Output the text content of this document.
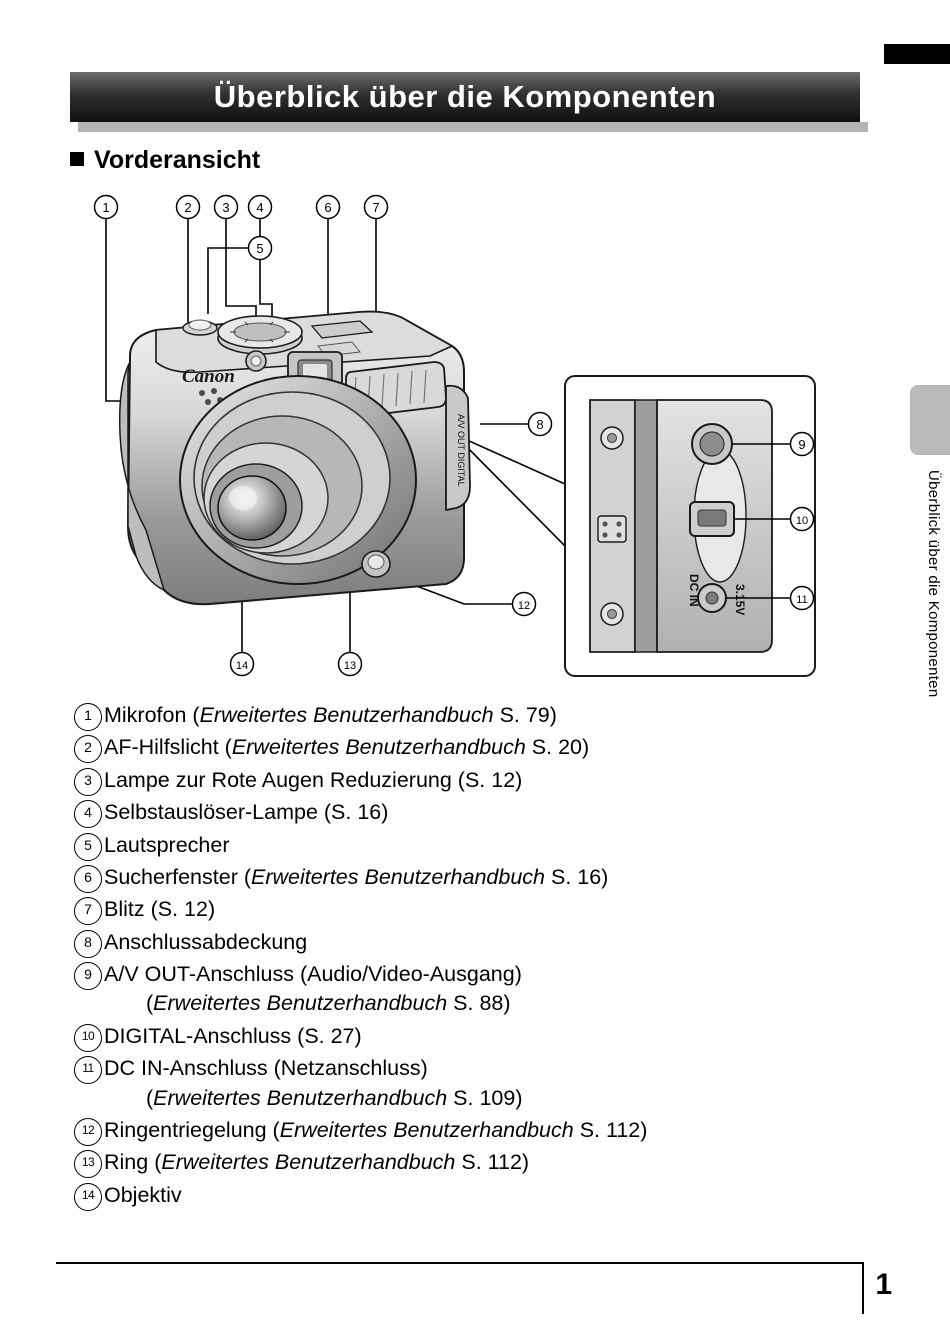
Überblick über die Komponenten
Überblick über die Komponenten
Vorderansicht
1	2 3 4
5
6	7
8
12
13
14
Canon
A/V OUT DIGITAL
DC IN	3.15V
9
10
11
1 Mikrofon (Erweitertes Benutzerhandbuch S. 79)
2 AF-Hilfslicht (Erweitertes Benutzerhandbuch S. 20)
3 Lampe zur Rote Augen Reduzierung (S. 12)
4 Selbstauslöser-Lampe (S. 16)
5 Lautsprecher
6 Sucherfenster (Erweitertes Benutzerhandbuch S. 16)
7 Blitz (S. 12)
8 Anschlussabdeckung
9 A/V OUT-Anschluss (Audio/Video-Ausgang)
(Erweitertes Benutzerhandbuch S. 88)
10 DIGITAL-Anschluss (S. 27)
11 DC IN-Anschluss (Netzanschluss)
(Erweitertes Benutzerhandbuch S. 109)
12 Ringentriegelung (Erweitertes Benutzerhandbuch S. 112)
13 Ring (Erweitertes Benutzerhandbuch S. 112)
14 Objektiv
1
